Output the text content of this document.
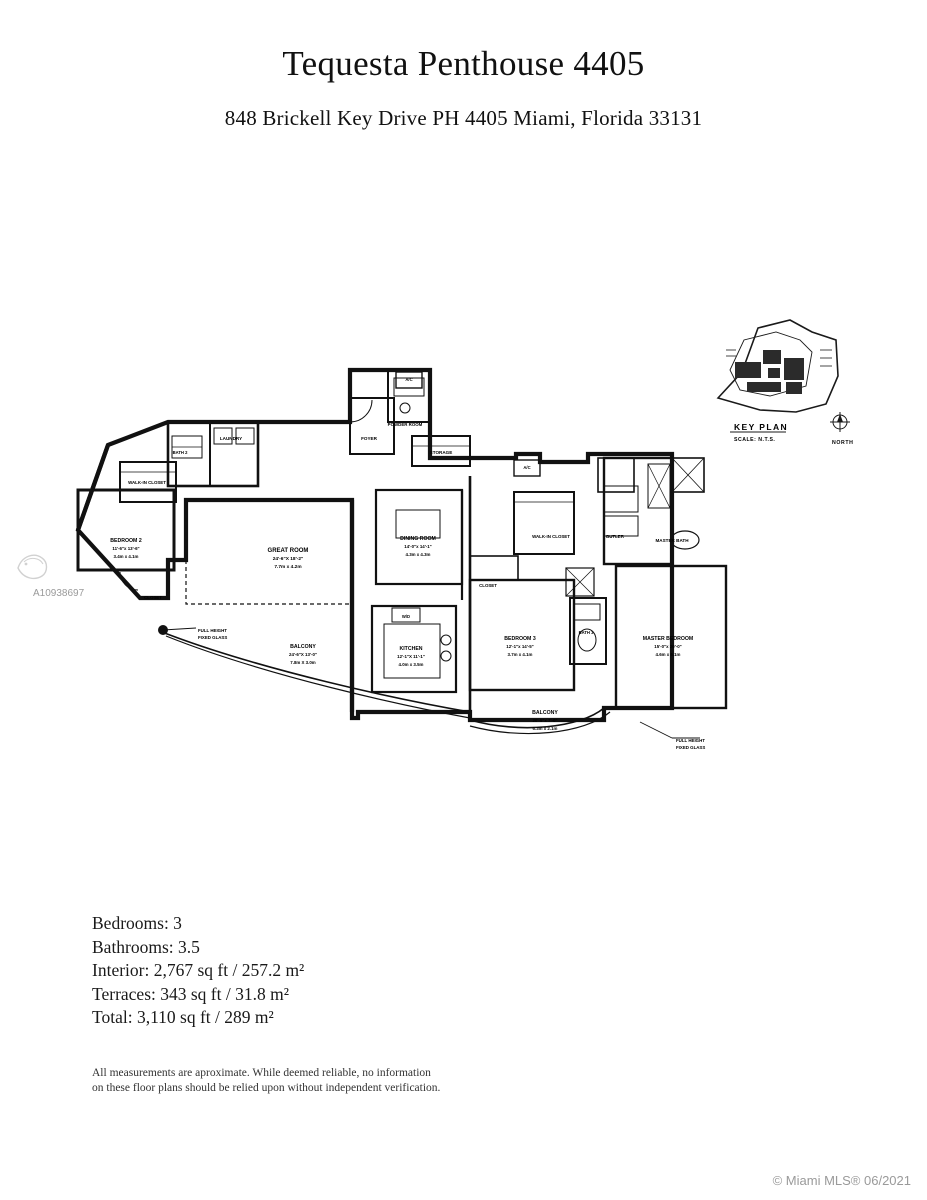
Tequesta Penthouse 4405

848 Brickell Key Drive PH 4405 Miami, Florida 33131

KEY PLAN
SCALE: N.T.S.	NORTH
GREAT ROOM
24'-6"X 18'-2"
7.7m x 4.2m
DINING ROOM
14'-0"x 14'-1"
4.3m x 4.3m
BEDROOM 2
11'-6"x 13'-6"
3.4m x 4.1m
BEDROOM 3
12'-1"x 14'-5"
3.7m x 4.1m
MASTER BEDROOM
15'-0"x 20'-0"
4.6m x 6.1m
KITCHEN
12'-1"X 11'-1"
4.0m x 3.5m
BALCONY
24'-6"X 13'-0"
7.8m X 3.0m
BALCONY
20'-5"x 7'-0"
6.3m x 2.1m
MASTER BATH
WALK-IN CLOSET
WALK-IN CLOSET
LAUNDRY	FOYER
POWDER ROOM
STORAGE
CLOSET
CLOSET
BUTLER
BATH 2
BATH 3
A/C
A/C
W/D
FULL HEIGHT
FIXED GLASS
FULL HEIGHT
FIXED GLASS
A10938697
Bedrooms: 3
Bathrooms: 3.5
Interior: 2,767 sq ft / 257.2 m²
Terraces: 343 sq ft / 31.8 m²
Total: 3,110 sq ft / 289 m²
All measurements are aproximate. While deemed reliable, no information
on these floor plans should be relied upon without independent verification.
© Miami MLS® 06/2021
